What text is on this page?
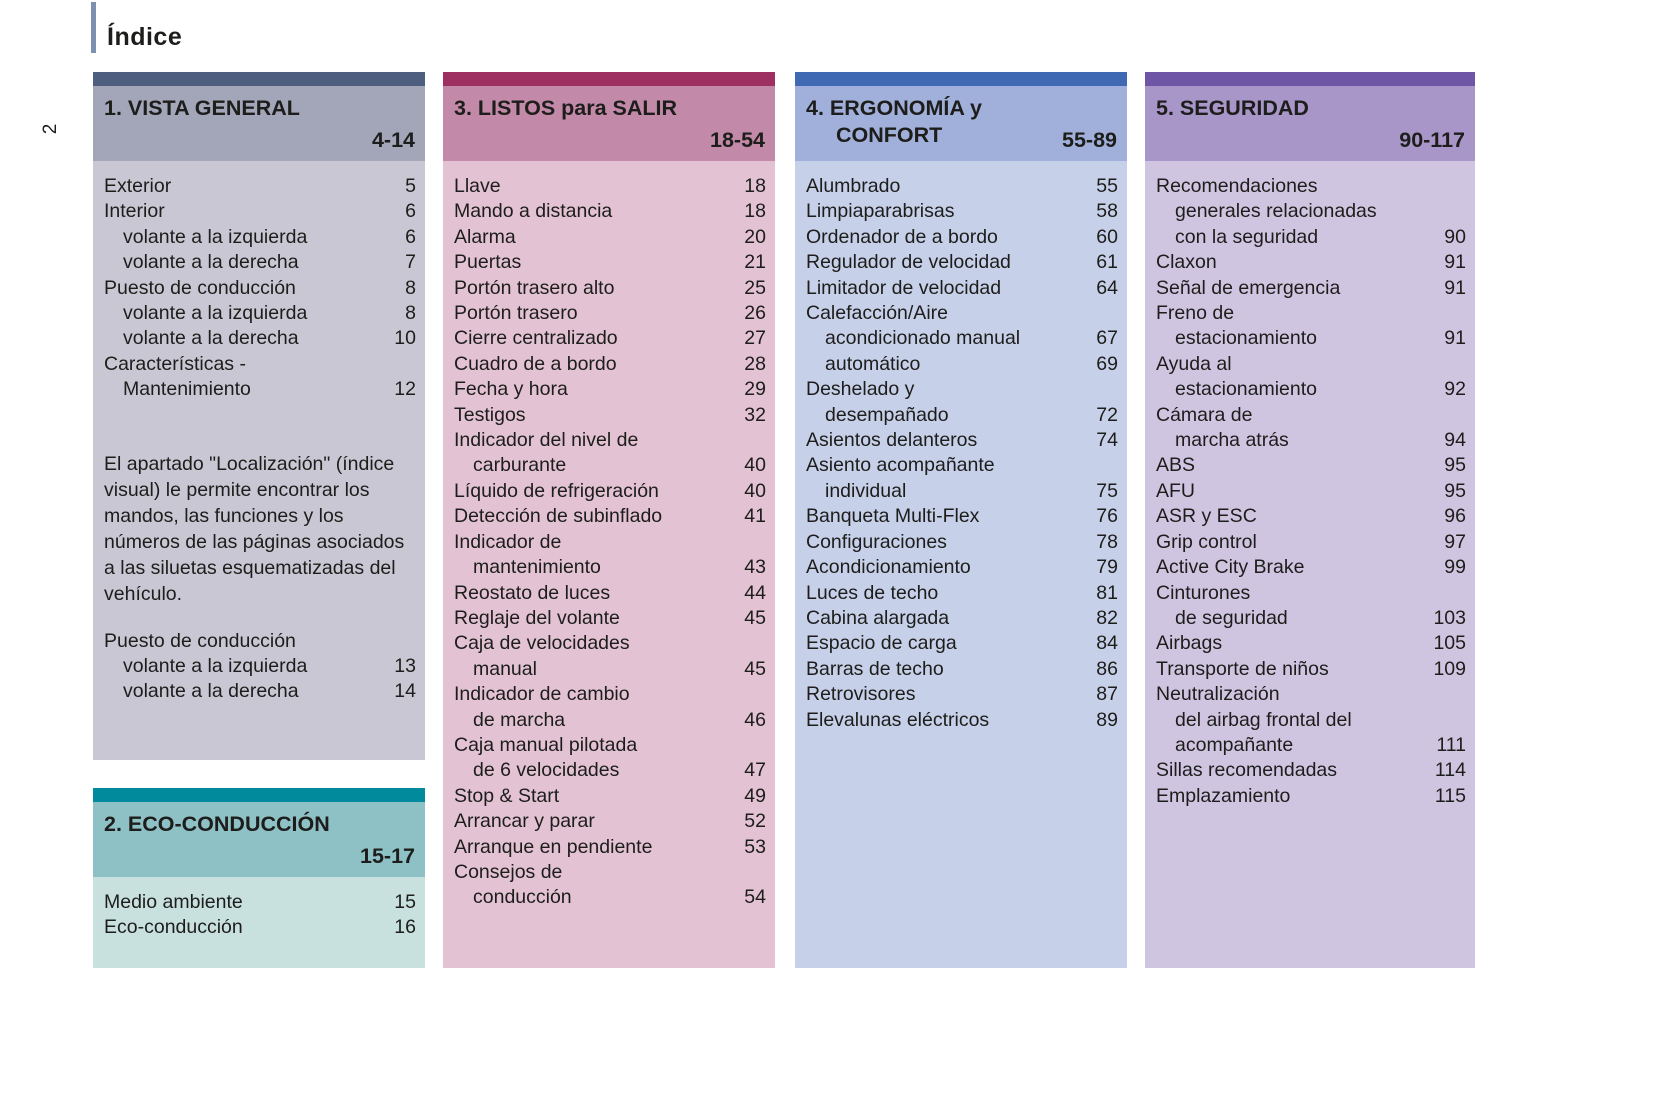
Índice
2
1. VISTA GENERAL
4-14
Exterior	5
Interior	6
volante a la izquierda	6
volante a la derecha	7
Puesto de conducción	8
volante a la izquierda	8
volante a la derecha	10
Características -
Mantenimiento	12
El apartado "Localización" (índice visual) le permite encontrar los mandos, las funciones y los números de las páginas asociados a las siluetas esquematizadas del vehículo.
Puesto de conducción
volante a la izquierda	13
volante a la derecha	14
2. ECO-CONDUCCIÓN
15-17
Medio ambiente	15
Eco-conducción	16
3. LISTOS para SALIR
18-54
Llave	18
Mando a distancia	18
Alarma	20
Puertas	21
Portón trasero alto	25
Portón trasero	26
Cierre centralizado	27
Cuadro de a bordo	28
Fecha y hora	29
Testigos	32
Indicador del nivel de
carburante	40
Líquido de refrigeración	40
Detección de subinflado	41
Indicador de
mantenimiento	43
Reostato de luces	44
Reglaje del volante	45
Caja de velocidades
manual	45
Indicador de cambio
de marcha	46
Caja manual pilotada
de 6 velocidades	47
Stop & Start	49
Arrancar y parar	52
Arranque en pendiente	53
Consejos de
conducción	54
4. ERGONOMÍA y
CONFORT	55-89
Alumbrado	55
Limpiaparabrisas	58
Ordenador de a bordo	60
Regulador de velocidad	61
Limitador de velocidad	64
Calefacción/Aire
acondicionado manual	67
automático	69
Deshelado y
desempañado	72
Asientos delanteros	74
Asiento acompañante
individual	75
Banqueta Multi-Flex	76
Configuraciones	78
Acondicionamiento	79
Luces de techo	81
Cabina alargada	82
Espacio de carga	84
Barras de techo	86
Retrovisores	87
Elevalunas eléctricos	89
5. SEGURIDAD
90-117
Recomendaciones
generales relacionadas
con la seguridad	90
Claxon	91
Señal de emergencia	91
Freno de
estacionamiento	91
Ayuda al
estacionamiento	92
Cámara de
marcha atrás	94
ABS	95
AFU	95
ASR y ESC	96
Grip control	97
Active City Brake	99
Cinturones
de seguridad	103
Airbags	105
Transporte de niños	109
Neutralización
del airbag frontal del
acompañante	111
Sillas recomendadas	114
Emplazamiento	115
